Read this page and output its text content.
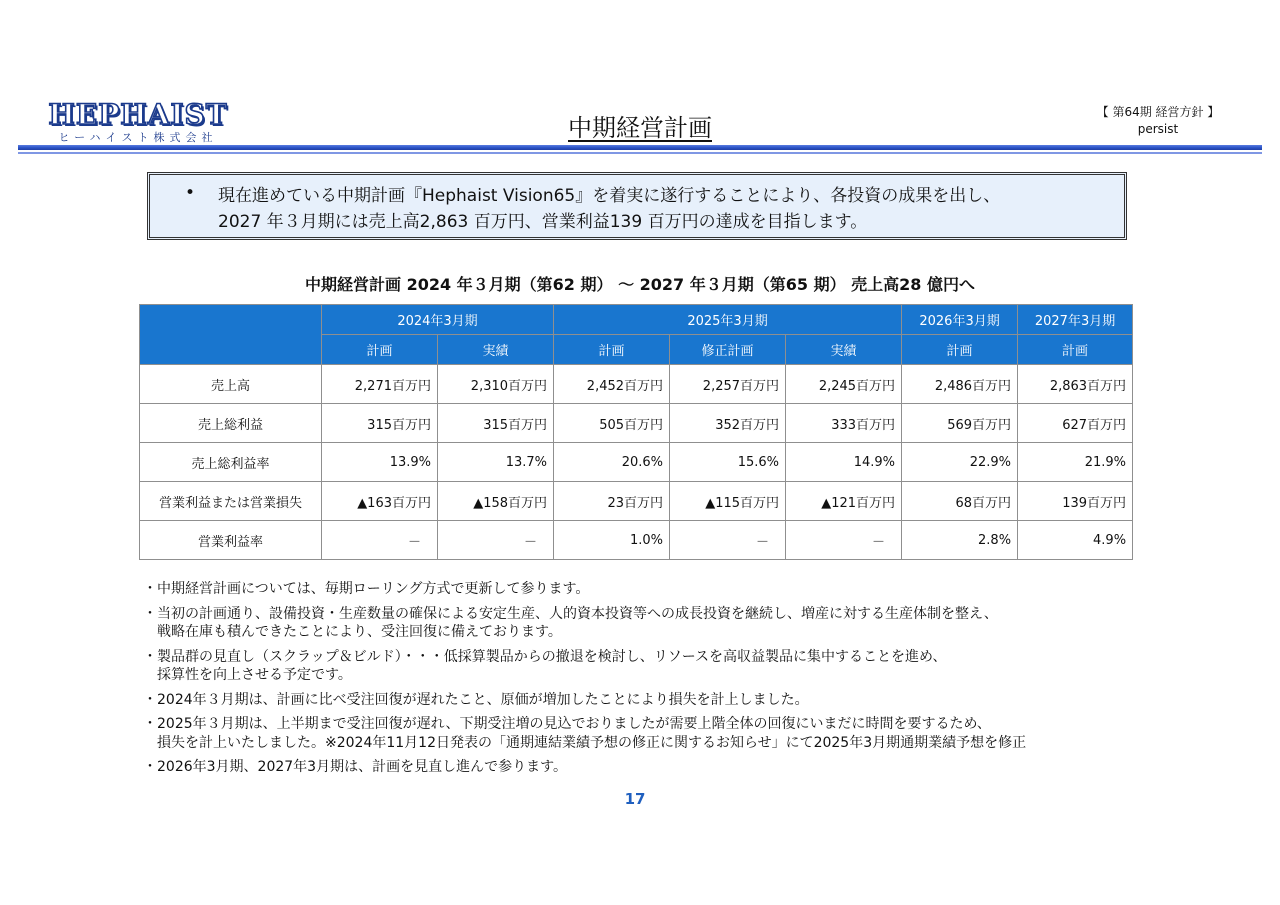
HEPHAIST
ヒーハイスト株式会社	中期経営計画
【 第64期 経営方針 】
persist
• 現在進めている中期計画『Hephaist Vision65』を着実に遂行することにより、各投資の成果を出し、
2027 年３月期には売上高2,863 百万円、営業利益139 百万円の達成を目指します。
中期経営計画 2024 年３月期（第62 期） ～ 2027 年３月期（第65 期） 売上高28 億円へ
	2024年3月期		2025年3月期			2026年3月期	2027年3月期
	計画	実績	計画	修正計画	実績	計画	計画
売上高	2,271百万円	2,310百万円	2,452百万円	2,257百万円	2,245百万円	2,486百万円	2,863百万円
売上総利益	315百万円	315百万円	505百万円	352百万円	333百万円	569百万円	627百万円
売上総利益率	13.9%	13.7%	20.6%	15.6%	14.9%	22.9%	21.9%
営業利益または営業損失	▲163百万円	▲158百万円	23百万円	▲115百万円	▲121百万円	68百万円	139百万円
営業利益率	－	－	1.0%	－	－	2.8%	4.9%
・ 中期経営計画については、毎期ローリング方式で更新して参ります。
・ 当初の計画通り、設備投資・生産数量の確保による安定生産、人的資本投資等への成長投資を継続し、増産に対する生産体制を整え、
戦略在庫も積んできたことにより、受注回復に備えております。
・ 製品群の見直し（スクラップ＆ビルド）・・・低採算製品からの撤退を検討し、リソースを高収益製品に集中することを進め、
採算性を向上させる予定です。
・ 2024年３月期は、計画に比べ受注回復が遅れたこと、原価が増加したことにより損失を計上しました。
・ 2025年３月期は、上半期まで受注回復が遅れ、下期受注増の見込でおりましたが需要上階全体の回復にいまだに時間を要するため、
損失を計上いたしました。※2024年11月12日発表の「通期連結業績予想の修正に関するお知らせ」にて2025年3月期通期業績予想を修正
・ 2026年3月期、2027年3月期は、計画を見直し進んで参ります。
17
